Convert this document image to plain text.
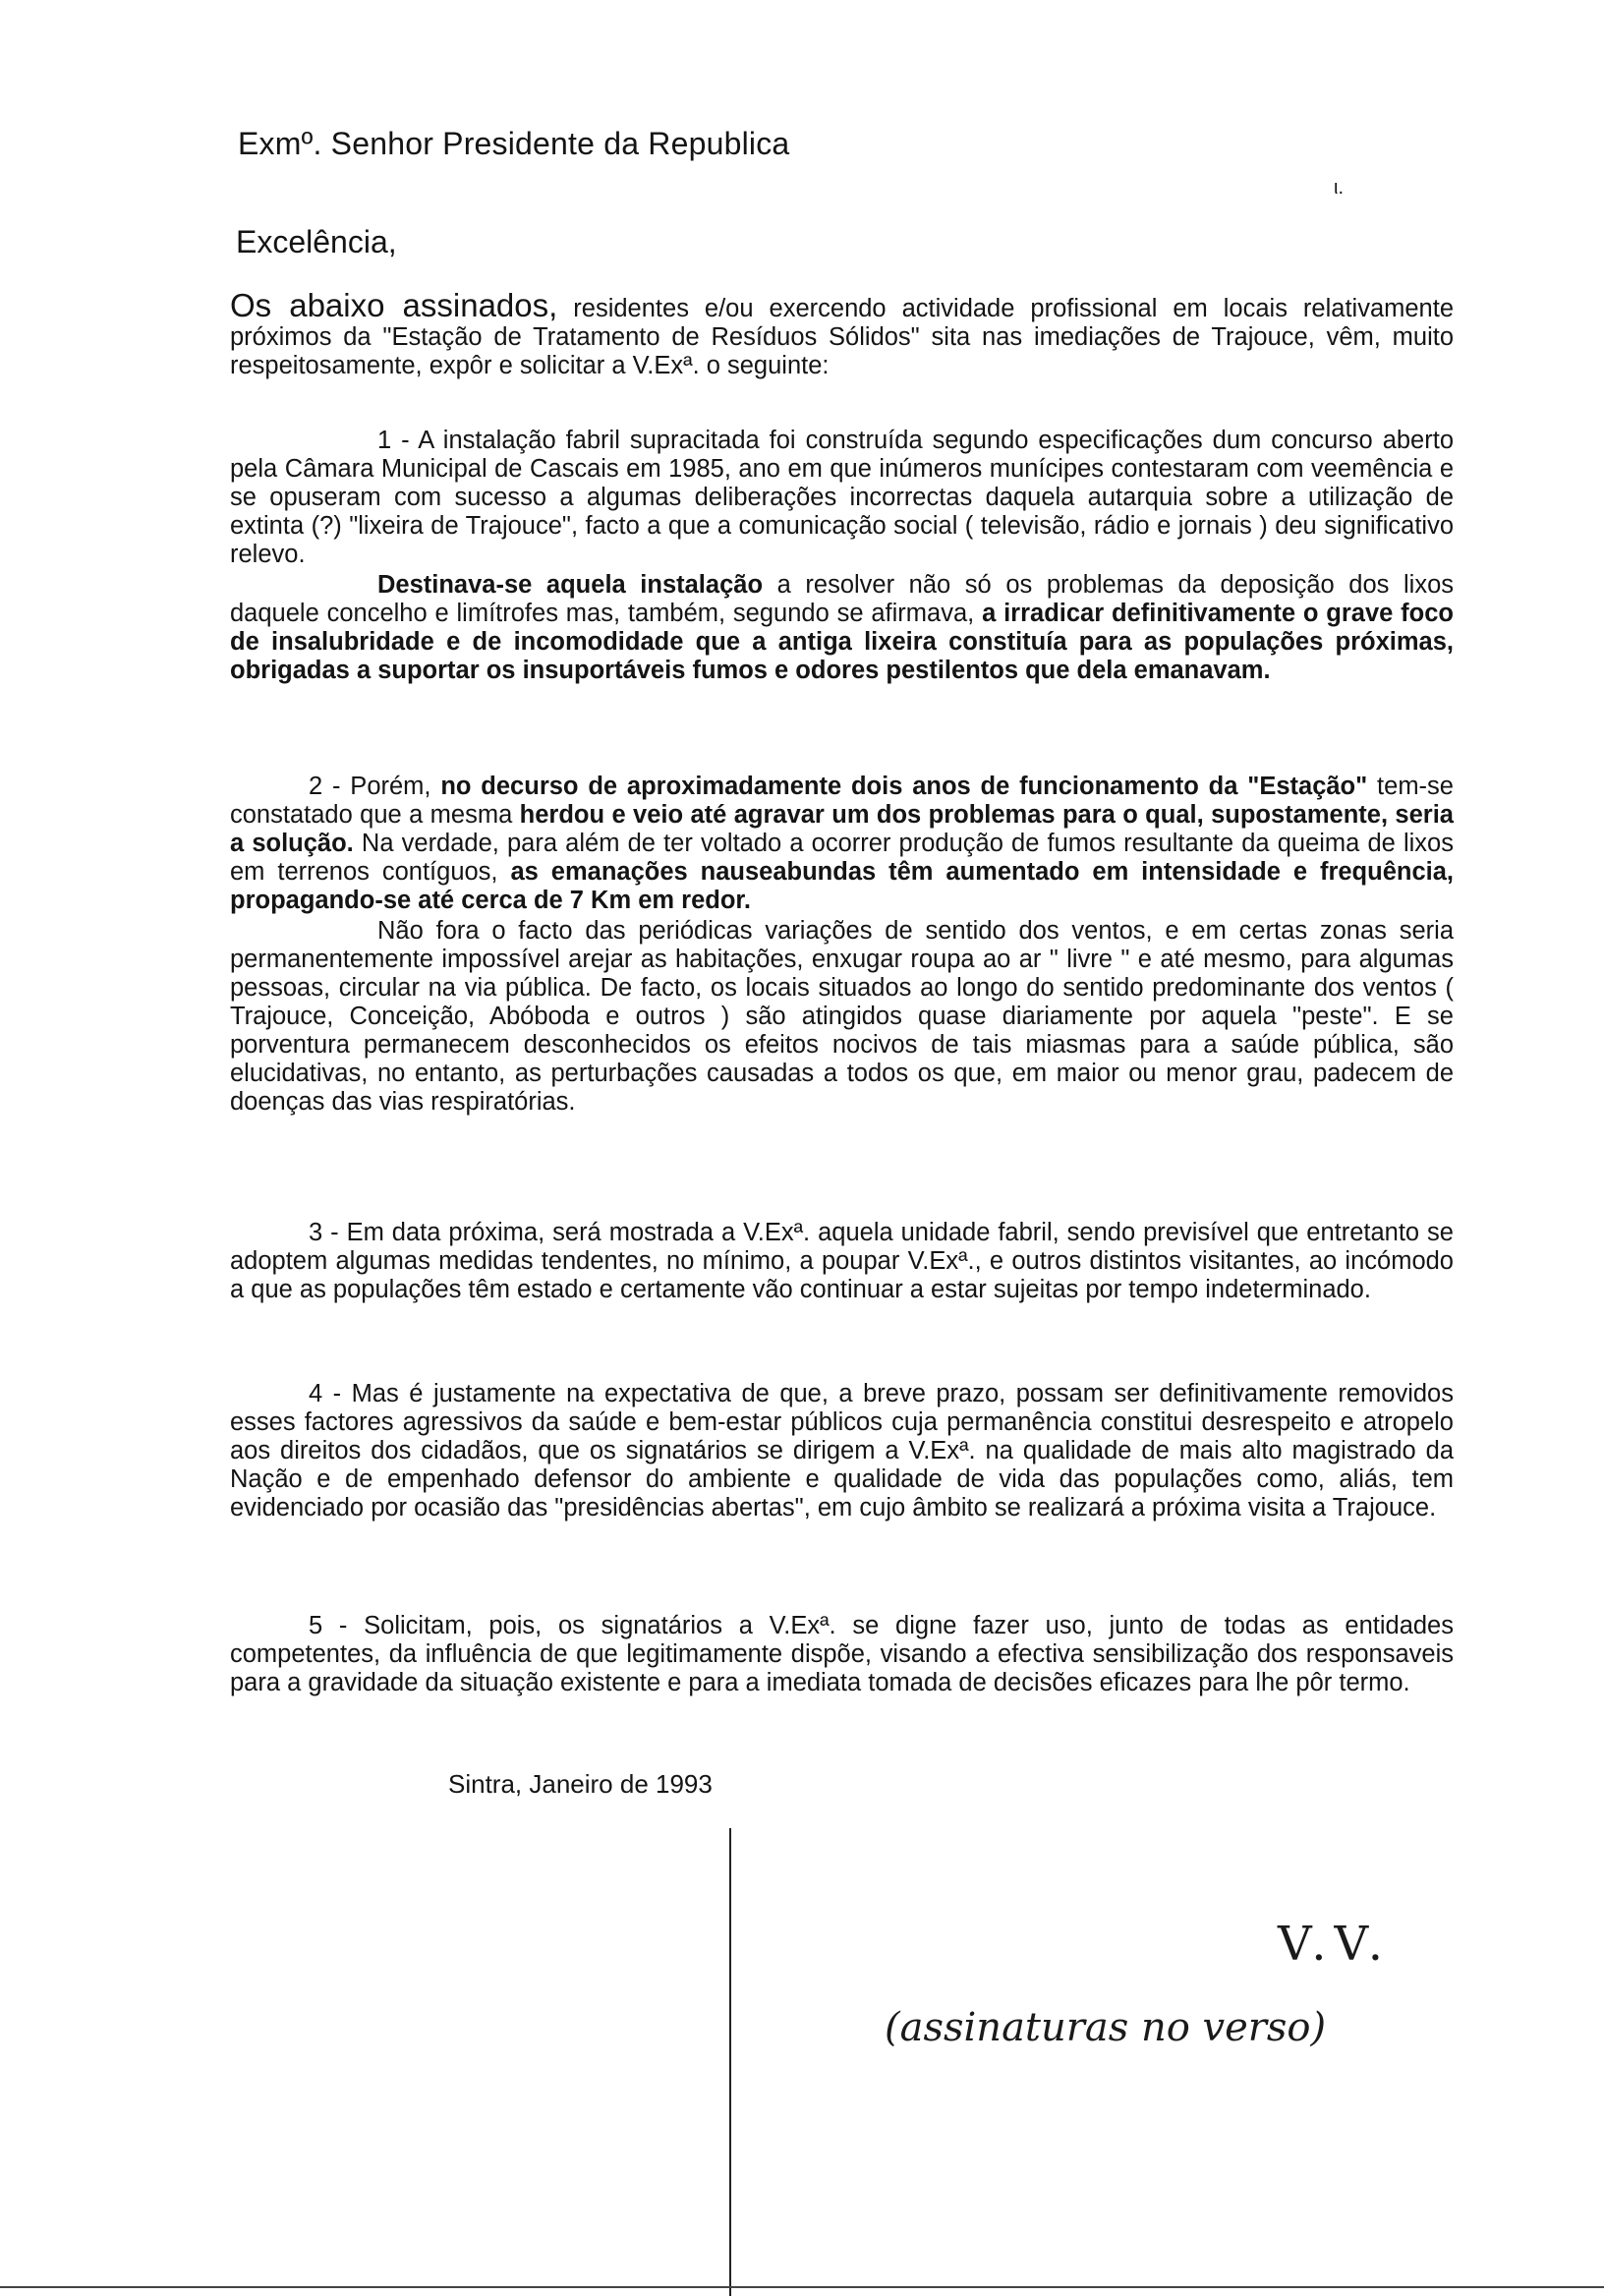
Exmº. Senhor Presidente da Republica
ι.
Excelência,
Os abaixo assinados, residentes e/ou exercendo actividade profissional em locais relativamente próximos da "Estação de Tratamento de Resíduos Sólidos" sita nas imediações de Trajouce, vêm, muito respeitosamente, expôr e solicitar a V.Exª. o seguinte:

1 - A instalação fabril supracitada foi construída segundo especificações dum concurso aberto pela Câmara Municipal de Cascais em 1985, ano em que inúmeros munícipes contestaram com veemência e se opuseram com sucesso a algumas deliberações incorrectas daquela autarquia sobre a utilização de extinta (?) "lixeira de Trajouce", facto a que a comunicação social ( televisão, rádio e jornais ) deu significativo relevo.

Destinava-se aquela instalação a resolver não só os problemas da deposição dos lixos daquele concelho e limítrofes mas, também, segundo se afirmava, a irradicar definitivamente o grave foco de insalubridade e de incomodidade que a antiga lixeira constituía para as populações próximas, obrigadas a suportar os insuportáveis fumos e odores pestilentos que dela emanavam.

2 - Porém, no decurso de aproximadamente dois anos de funcionamento da "Estação" tem-se constatado que a mesma herdou e veio até agravar um dos problemas para o qual, supostamente, seria a solução. Na verdade, para além de ter voltado a ocorrer produção de fumos resultante da queima de lixos em terrenos contíguos, as emanações nauseabundas têm aumentado em intensidade e frequência, propagando-se até cerca de 7 Km em redor.

Não fora o facto das periódicas variações de sentido dos ventos, e em certas zonas seria permanentemente impossível arejar as habitações, enxugar roupa ao ar " livre " e até mesmo, para algumas pessoas, circular na via pública. De facto, os locais situados ao longo do sentido predominante dos ventos ( Trajouce, Conceição, Abóboda e outros ) são atingidos quase diariamente por aquela "peste". E se porventura permanecem desconhecidos os efeitos nocivos de tais miasmas para a saúde pública, são elucidativas, no entanto, as perturbações causadas a todos os que, em maior ou menor grau, padecem de doenças das vias respiratórias.

3 - Em data próxima, será mostrada a V.Exª. aquela unidade fabril, sendo previsível que entretanto se adoptem algumas medidas tendentes, no mínimo, a poupar V.Exª., e outros distintos visitantes, ao incómodo a que as populações têm estado e certamente vão continuar a estar sujeitas por tempo indeterminado.

4 - Mas é justamente na expectativa de que, a breve prazo, possam ser definitivamente removidos esses factores agressivos da saúde e bem-estar públicos cuja permanência constitui desrespeito e atropelo aos direitos dos cidadãos, que os signatários se dirigem a V.Exª. na qualidade de mais alto magistrado da Nação e de empenhado defensor do ambiente e qualidade de vida das populações como, aliás, tem evidenciado por ocasião das "presidências abertas", em cujo âmbito se realizará a próxima visita a Trajouce.

5 - Solicitam, pois, os signatários a V.Exª. se digne fazer uso, junto de todas as entidades competentes, da influência de que legitimamente dispõe, visando a efectiva sensibilização dos responsaveis para a gravidade da situação existente e para a imediata tomada de decisões eficazes para lhe pôr termo.

Sintra, Janeiro de 1993
V.V.
(assinaturas no verso)
